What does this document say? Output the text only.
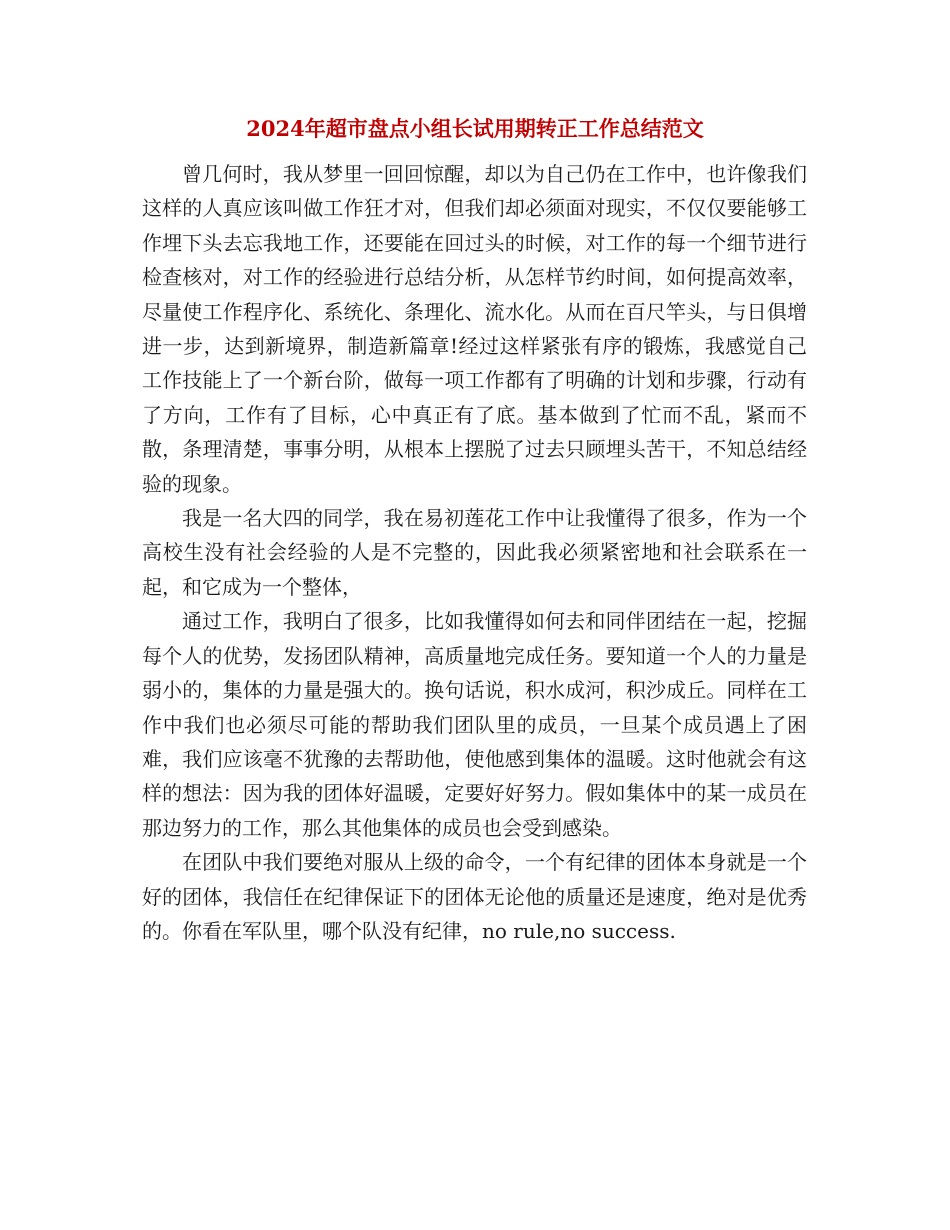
2024年超市盘点小组长试用期转正工作总结范文

曾几何时，我从梦里一回回惊醒，却以为自己仍在工作中，也许像我们这样的人真应该叫做工作狂才对，但我们却必须面对现实，不仅仅要能够工作埋下头去忘我地工作，还要能在回过头的时候，对工作的每一个细节进行检查核对，对工作的经验进行总结分析，从怎样节约时间，如何提高效率，尽量使工作程序化、系统化、条理化、流水化。从而在百尺竿头，与日俱增进一步，达到新境界，制造新篇章!经过这样紧张有序的锻炼，我感觉自己工作技能上了一个新台阶，做每一项工作都有了明确的计划和步骤，行动有了方向，工作有了目标，心中真正有了底。基本做到了忙而不乱，紧而不散，条理清楚，事事分明，从根本上摆脱了过去只顾埋头苦干，不知总结经验的现象。

我是一名大四的同学，我在易初莲花工作中让我懂得了很多，作为一个高校生没有社会经验的人是不完整的，因此我必须紧密地和社会联系在一起，和它成为一个整体，

通过工作，我明白了很多，比如我懂得如何去和同伴团结在一起，挖掘每个人的优势，发扬团队精神，高质量地完成任务。要知道一个人的力量是弱小的，集体的力量是强大的。换句话说，积水成河，积沙成丘。同样在工作中我们也必须尽可能的帮助我们团队里的成员，一旦某个成员遇上了困难，我们应该毫不犹豫的去帮助他，使他感到集体的温暖。这时他就会有这样的想法：因为我的团体好温暖，定要好好努力。假如集体中的某一成员在那边努力的工作，那么其他集体的成员也会受到感染。

在团队中我们要绝对服从上级的命令，一个有纪律的团体本身就是一个好的团体，我信任在纪律保证下的团体无论他的质量还是速度，绝对是优秀的。你看在军队里，哪个队没有纪律，no rule,no success.
